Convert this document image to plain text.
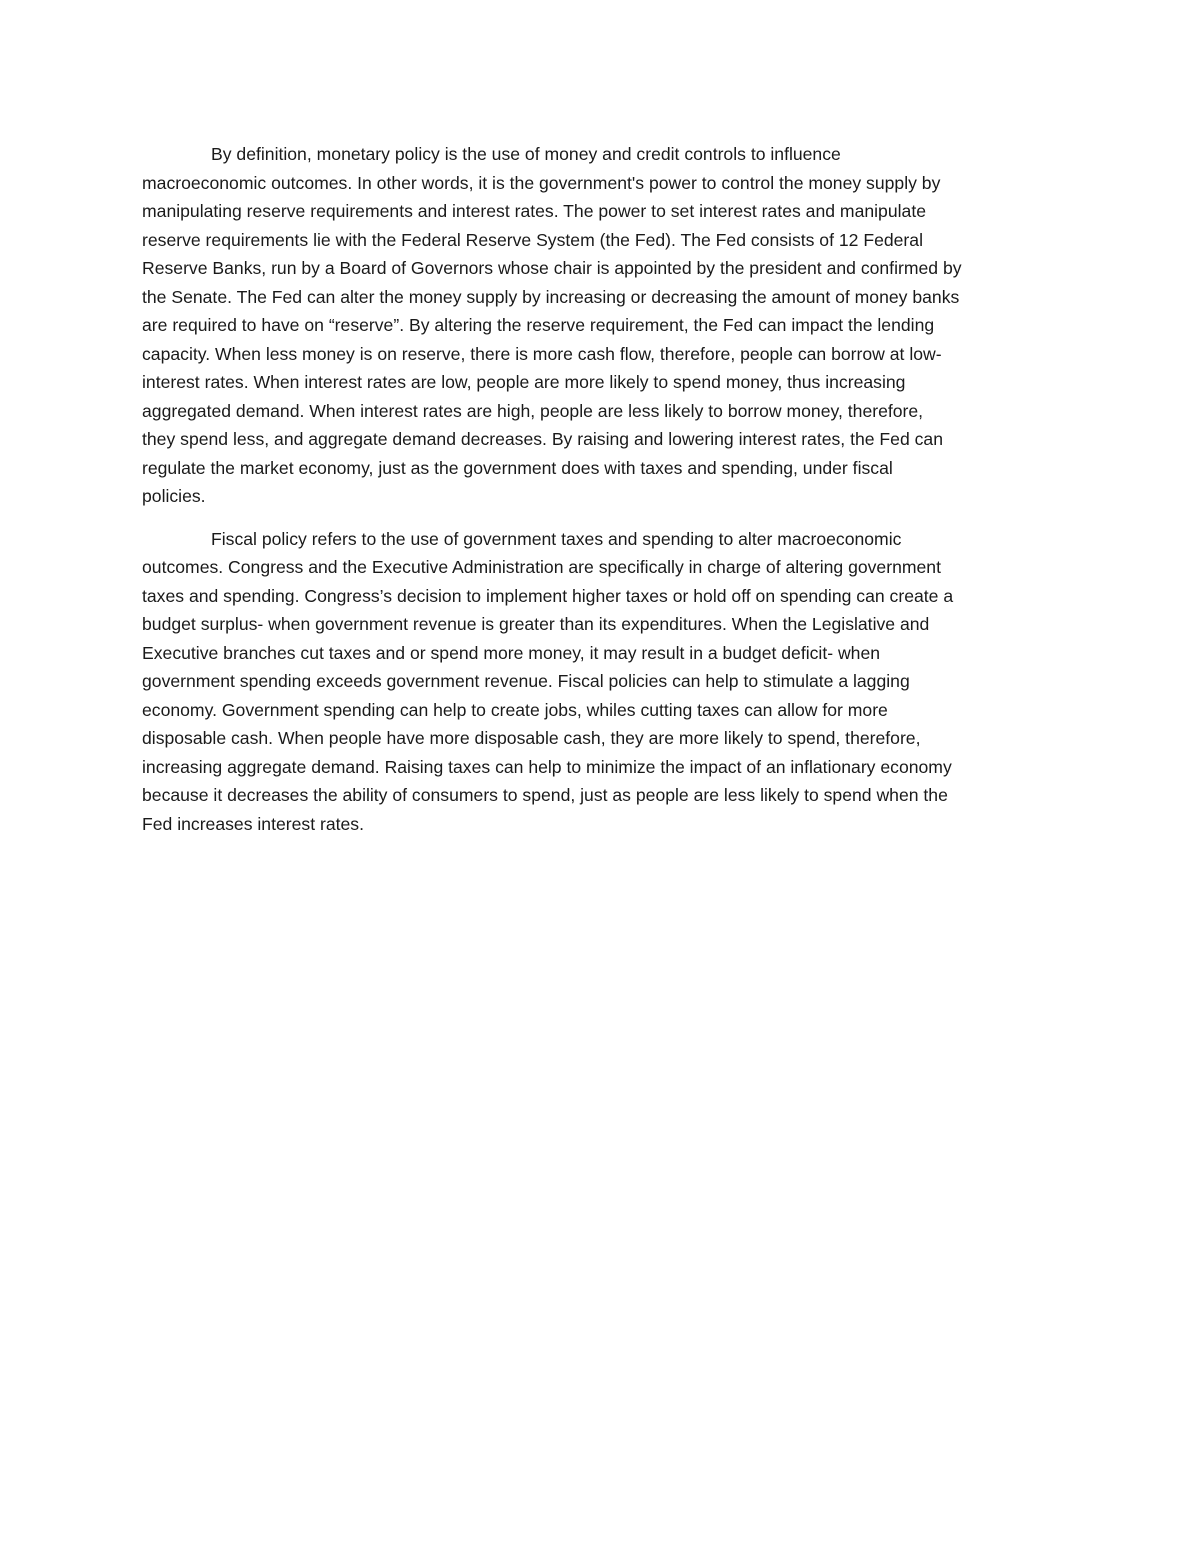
By definition, monetary policy is the use of money and credit controls to influence
macroeconomic outcomes. In other words, it is the government's power to control the money supply by
manipulating reserve requirements and interest rates. The power to set interest rates and manipulate
reserve requirements lie with the Federal Reserve System (the Fed). The Fed consists of 12 Federal
Reserve Banks, run by a Board of Governors whose chair is appointed by the president and confirmed by
the Senate. The Fed can alter the money supply by increasing or decreasing the amount of money banks
are required to have on “reserve”. By altering the reserve requirement, the Fed can impact the lending
capacity. When less money is on reserve, there is more cash flow, therefore, people can borrow at low-
interest rates. When interest rates are low, people are more likely to spend money, thus increasing
aggregated demand. When interest rates are high, people are less likely to borrow money, therefore,
they spend less, and aggregate demand decreases. By raising and lowering interest rates, the Fed can
regulate the market economy, just as the government does with taxes and spending, under fiscal
policies.

Fiscal policy refers to the use of government taxes and spending to alter macroeconomic
outcomes. Congress and the Executive Administration are specifically in charge of altering government
taxes and spending. Congress’s decision to implement higher taxes or hold off on spending can create a
budget surplus- when government revenue is greater than its expenditures. When the Legislative and
Executive branches cut taxes and or spend more money, it may result in a budget deficit- when
government spending exceeds government revenue. Fiscal policies can help to stimulate a lagging
economy. Government spending can help to create jobs, whiles cutting taxes can allow for more
disposable cash. When people have more disposable cash, they are more likely to spend, therefore,
increasing aggregate demand. Raising taxes can help to minimize the impact of an inflationary economy
because it decreases the ability of consumers to spend, just as people are less likely to spend when the
Fed increases interest rates.
